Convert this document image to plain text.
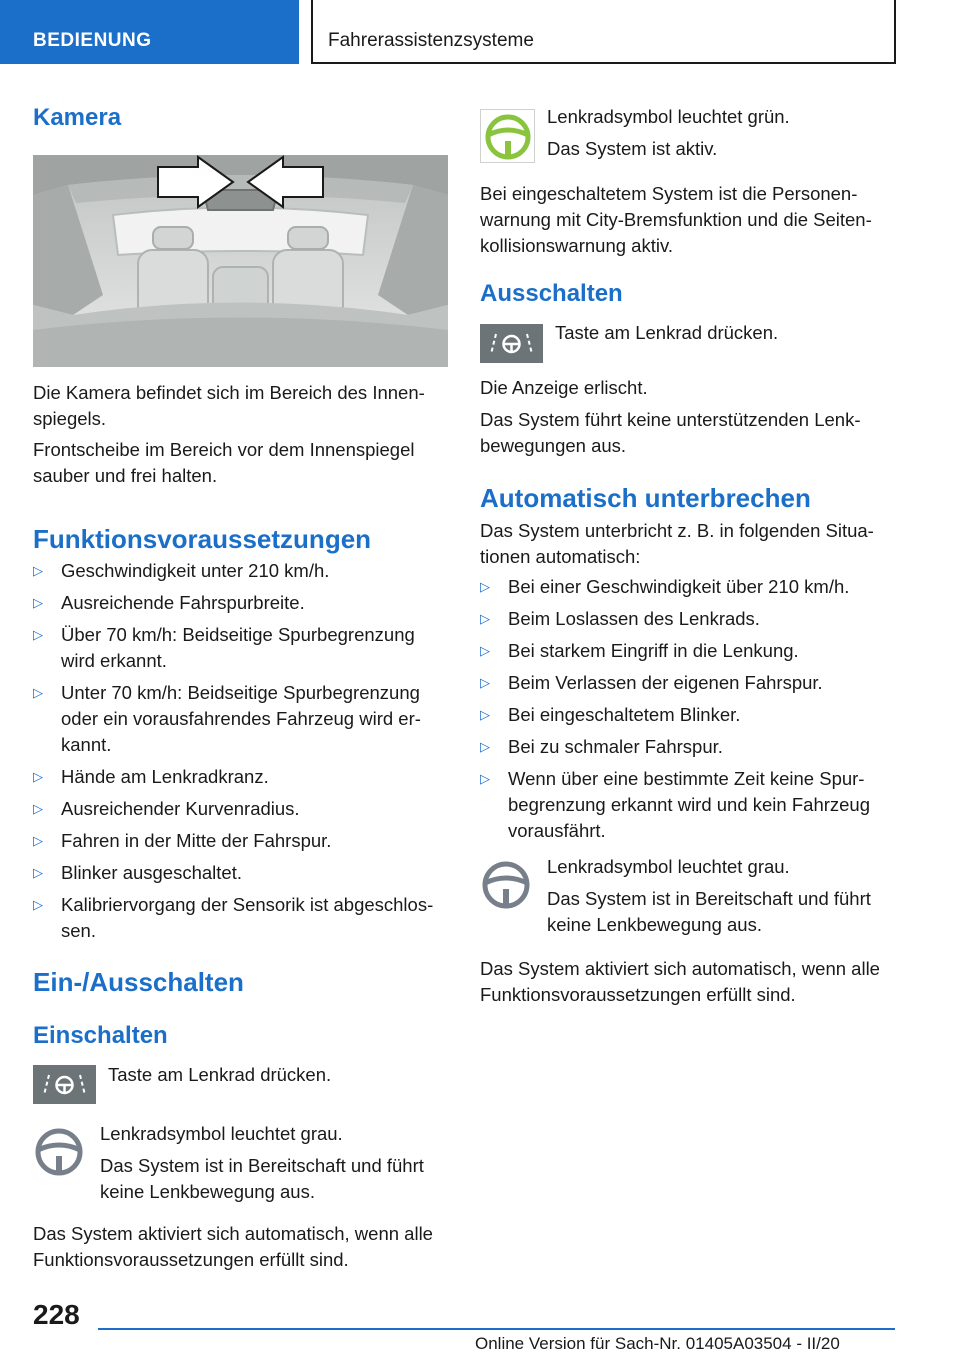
BEDIENUNG	Fahrerassistenzsysteme
Kamera
Die Kamera befindet sich im Bereich des Innen-
spiegels.
Frontscheibe im Bereich vor dem Innenspiegel
sauber und frei halten.
Funktionsvoraussetzungen
▷ Geschwindigkeit unter 210 km/h.
▷ Ausreichende Fahrspurbreite.
▷ Über 70 km/h: Beidseitige Spurbegrenzung
wird erkannt.
▷ Unter 70 km/h: Beidseitige Spurbegrenzung
oder ein vorausfahrendes Fahrzeug wird er-
kannt.
▷ Hände am Lenkradkranz.
▷ Ausreichender Kurvenradius.
▷ Fahren in der Mitte der Fahrspur.
▷ Blinker ausgeschaltet.
▷ Kalibriervorgang der Sensorik ist abgeschlos-
sen.
Ein-/Ausschalten
Einschalten
Taste am Lenkrad drücken.
Lenkradsymbol leuchtet grau.
Das System ist in Bereitschaft und führt
keine Lenkbewegung aus.
Das System aktiviert sich automatisch, wenn alle
Funktionsvoraussetzungen erfüllt sind.
Lenkradsymbol leuchtet grün.
Das System ist aktiv.
Bei eingeschaltetem System ist die Personen-
warnung mit City-Bremsfunktion und die Seiten-
kollisionswarnung aktiv.
Ausschalten
Taste am Lenkrad drücken.
Die Anzeige erlischt.
Das System führt keine unterstützenden Lenk-
bewegungen aus.
Automatisch unterbrechen
Das System unterbricht z. B. in folgenden Situa-
tionen automatisch:
▷ Bei einer Geschwindigkeit über 210 km/h.
▷ Beim Loslassen des Lenkrads.
▷ Bei starkem Eingriff in die Lenkung.
▷ Beim Verlassen der eigenen Fahrspur.
▷ Bei eingeschaltetem Blinker.
▷ Bei zu schmaler Fahrspur.
▷ Wenn über eine bestimmte Zeit keine Spur-
begrenzung erkannt wird und kein Fahrzeug
vorausfährt.
Lenkradsymbol leuchtet grau.
Das System ist in Bereitschaft und führt
keine Lenkbewegung aus.
Das System aktiviert sich automatisch, wenn alle
Funktionsvoraussetzungen erfüllt sind.
228
Online Version für Sach-Nr. 01405A03504 - II/20
